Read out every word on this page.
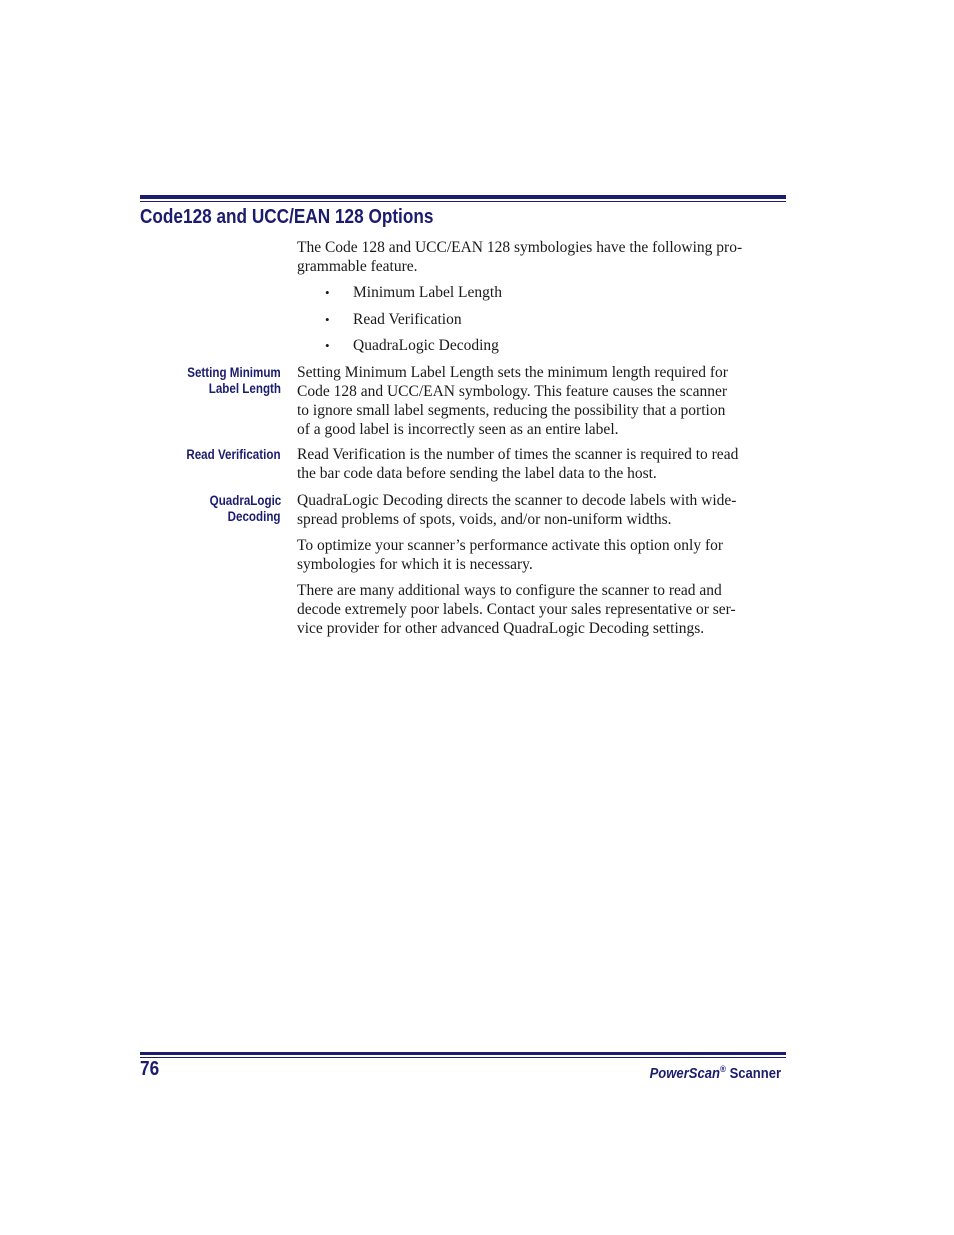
Code128 and UCC/EAN 128 Options

The Code 128 and UCC/EAN 128 symbologies have the following pro-
grammable feature.

• Minimum Label Length
• Read Verification
• QuadraLogic Decoding
Setting Minimum
Label Length

Setting Minimum Label Length sets the minimum length required for
Code 128 and UCC/EAN symbology. This feature causes the scanner
to ignore small label segments, reducing the possibility that a portion
of a good label is incorrectly seen as an entire label.

Read Verification Read Verification is the number of times the scanner is required to read
the bar code data before sending the label data to the host.

QuadraLogic
Decoding

QuadraLogic Decoding directs the scanner to decode labels with wide-
spread problems of spots, voids, and/or non-uniform widths.

To optimize your scanner’s performance activate this option only for
symbologies for which it is necessary.

There are many additional ways to configure the scanner to read and
decode extremely poor labels. Contact your sales representative or ser-
vice provider for other advanced QuadraLogic Decoding settings.

76	PowerScan® Scanner
